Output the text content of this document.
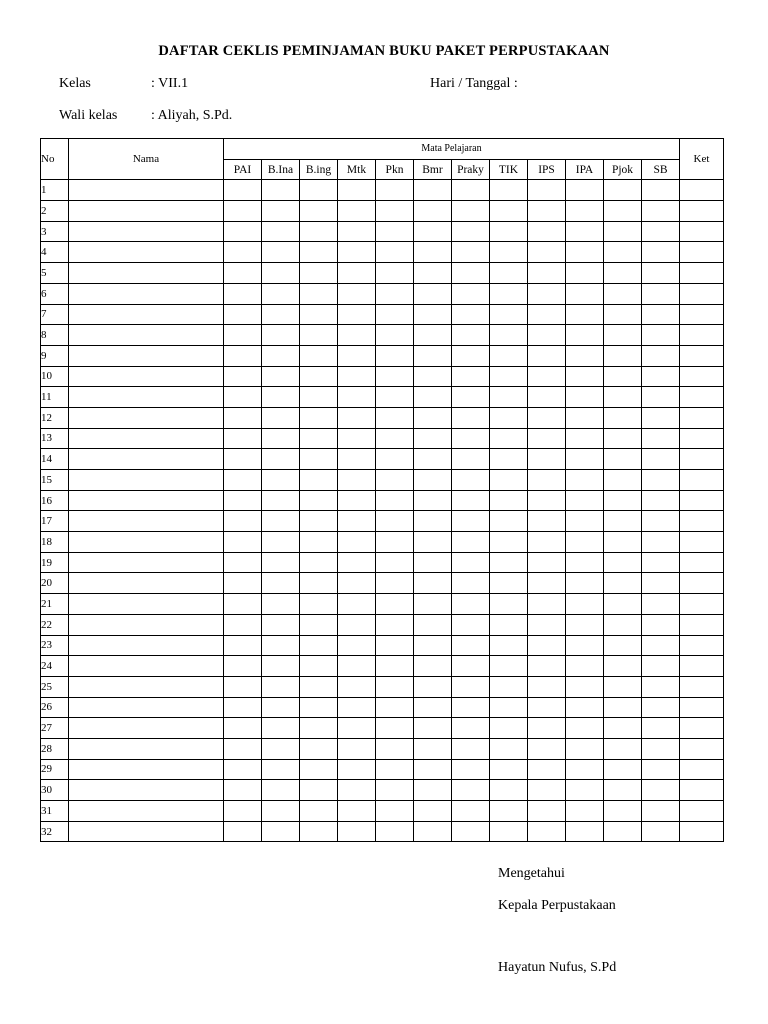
DAFTAR CEKLIS PEMINJAMAN BUKU PAKET PERPUSTAKAAN
Kelas	: VII.1	Hari / Tanggal :
Wali kelas : Aliyah, S.Pd.
No	Nama	Mata Pelajaran												Ket
		PAI	B.Ina	B.ing	Mtk	Pkn	Bmr	Praky	TIK	IPS	IPA	Pjok	SB	
1														
2														
3														
4														
5														
6														
7														
8														
9														
10														
11														
12														
13														
14														
15														
16														
17														
18														
19														
20														
21														
22														
23														
24														
25														
26														
27														
28														
29														
30														
31														
32														
Mengetahui
Kepala Perpustakaan
Hayatun Nufus, S.Pd
